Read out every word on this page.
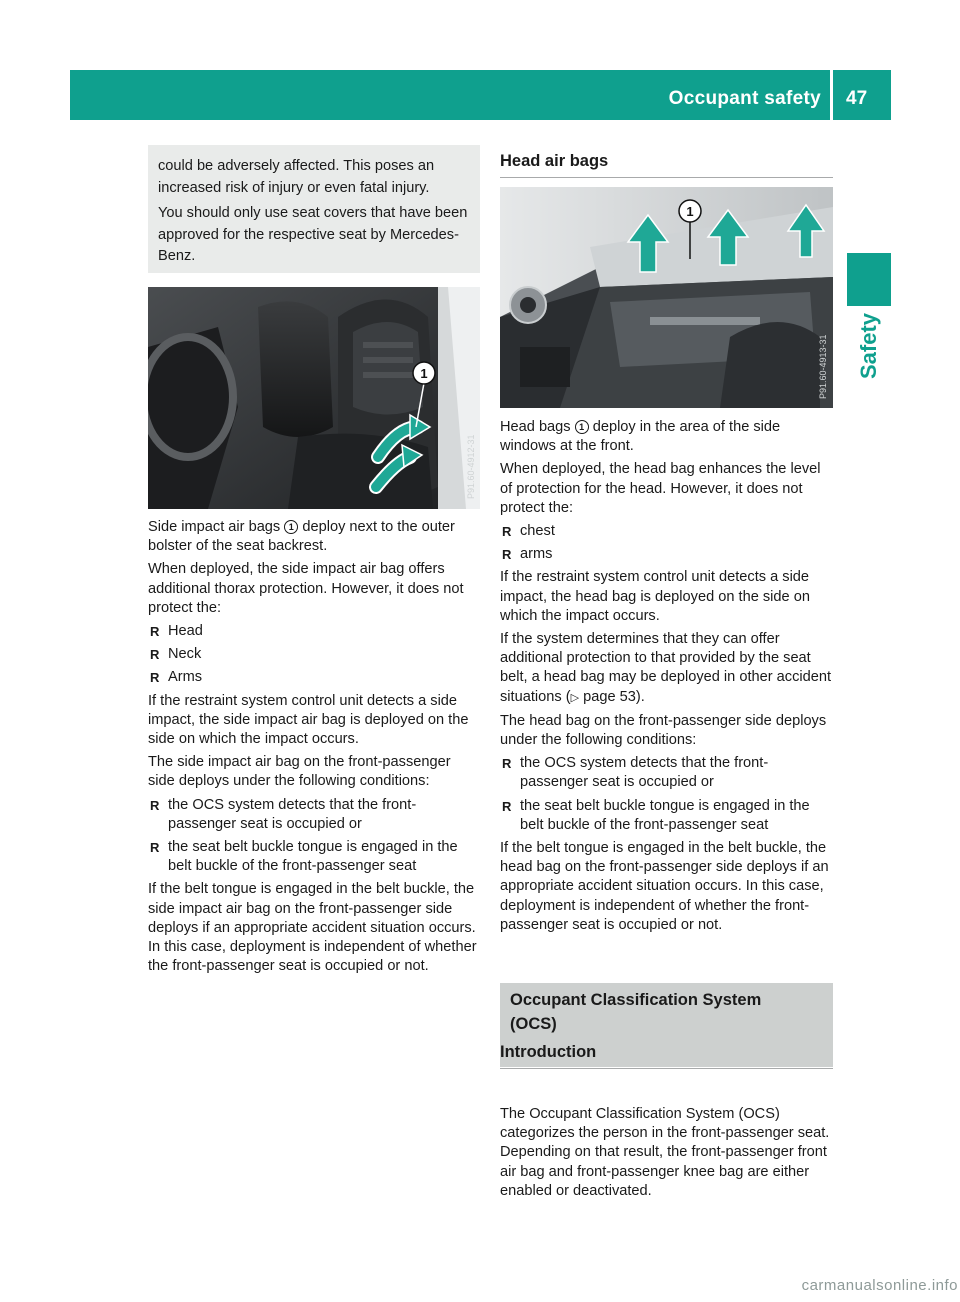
Occupant safety 47
Safety

could be adversely affected. This poses an increased risk of injury or even fatal injury.

You should only use seat covers that have been approved for the respective seat by Mercedes-Benz.

1
P91.60-4912-31

Side impact air bags 1 deploy next to the outer bolster of the seat backrest.

When deployed, the side impact air bag offers additional thorax protection. However, it does not protect the:

R Head
R Neck
R Arms

If the restraint system control unit detects a side impact, the side impact air bag is deployed on the side on which the impact occurs.

The side impact air bag on the front-passenger side deploys under the following conditions:

R the OCS system detects that the front-passenger seat is occupied or
R the seat belt buckle tongue is engaged in the belt buckle of the front-passenger seat

If the belt tongue is engaged in the belt buckle, the side impact air bag on the front-passenger side deploys if an appropriate accident situation occurs. In this case, deployment is independent of whether the front-passenger seat is occupied or not.

Head air bags
1
P91.60-4913-31

Head bags 1 deploy in the area of the side windows at the front.

When deployed, the head bag enhances the level of protection for the head. However, it does not protect the:

R chest
R arms

If the restraint system control unit detects a side impact, the head bag is deployed on the side on which the impact occurs.

If the system determines that they can offer additional protection to that provided by the seat belt, a head bag may be deployed in other accident situations (▷ page 53).

The head bag on the front-passenger side deploys under the following conditions:

R the OCS system detects that the front-passenger seat is occupied or
R the seat belt buckle tongue is engaged in the belt buckle of the front-passenger seat

If the belt tongue is engaged in the belt buckle, the head bag on the front-passenger side deploys if an appropriate accident situation occurs. In this case, deployment is independent of whether the front-passenger seat is occupied or not.

Occupant Classification System
(OCS)
Introduction

The Occupant Classification System (OCS) categorizes the person in the front-passenger seat. Depending on that result, the front-passenger front air bag and front-passenger knee bag are either enabled or deactivated.

carmanualsonline.info
